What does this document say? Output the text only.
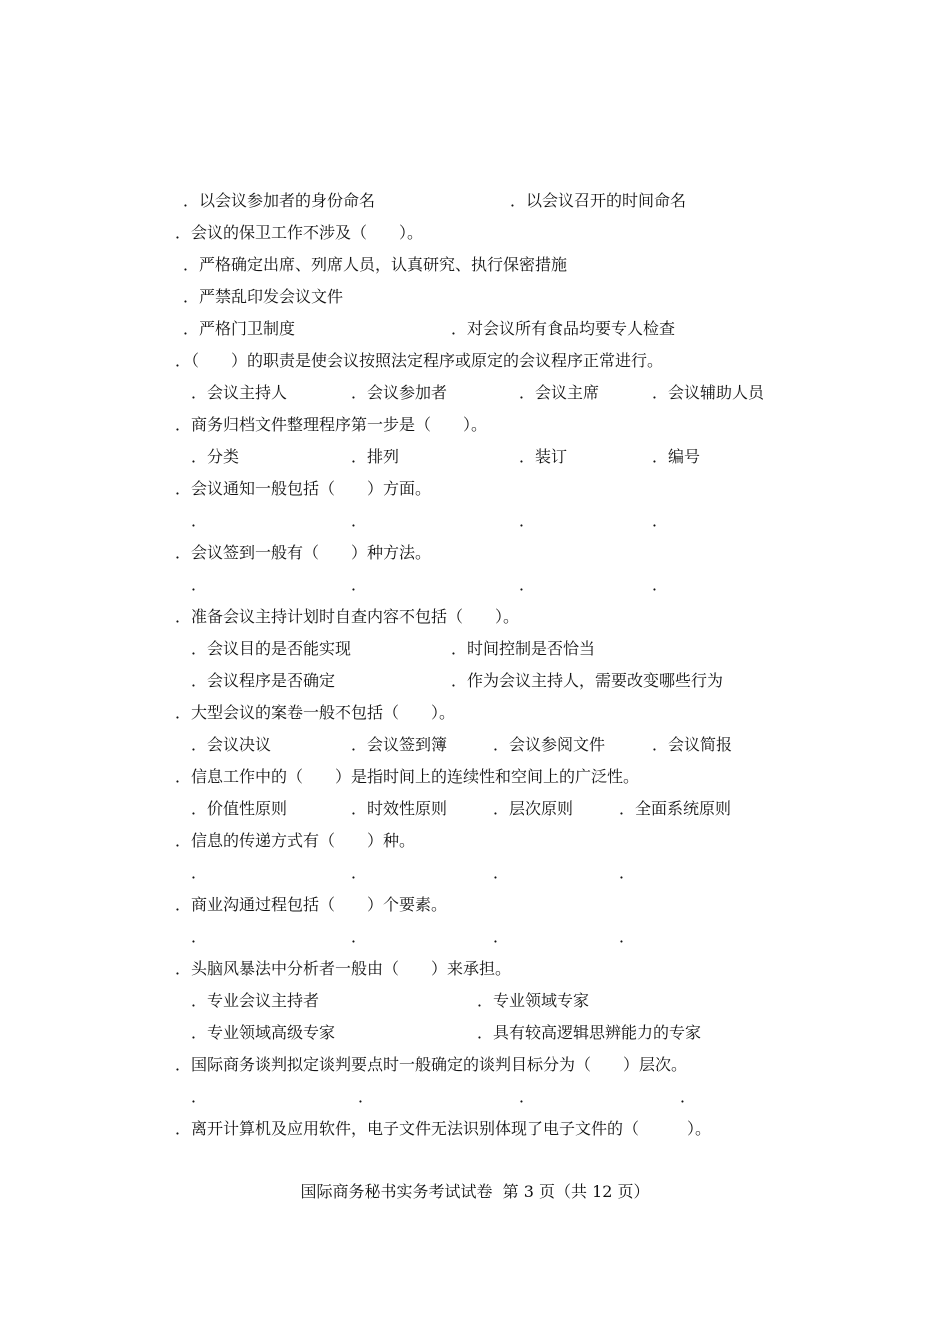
．以会议参加者的身份命名	．以会议召开的时间命名
．会议的保卫工作不涉及（　　）。
．严格确定出席、列席人员，认真研究、执行保密措施
．严禁乱印发会议文件
．严格门卫制度	．对会议所有食品均要专人检查
．（　　）的职责是使会议按照法定程序或原定的会议程序正常进行。
．会议主持人	．会议参加者	．会议主席	．会议辅助人员
．商务归档文件整理程序第一步是（　　）。
．分类	．排列	．装订	．编号
．会议通知一般包括（　　）方面。
．	．	．	．
．会议签到一般有（　　）种方法。
．	．	．	．
．准备会议主持计划时自查内容不包括（　　）。
．会议目的是否能实现	．时间控制是否恰当
．会议程序是否确定	．作为会议主持人，需要改变哪些行为
．大型会议的案卷一般不包括（　　）。
．会议决议	．会议签到簿	．会议参阅文件	．会议简报
．信息工作中的（　　）是指时间上的连续性和空间上的广泛性。
．价值性原则	．时效性原则	．层次原则	．全面系统原则
．信息的传递方式有（　　）种。
．	．	．	．
．商业沟通过程包括（　　）个要素。
．	．	．	．
．头脑风暴法中分析者一般由（　　）来承担。
．专业会议主持者	．专业领域专家
．专业领域高级专家	．具有较高逻辑思辨能力的专家
．国际商务谈判拟定谈判要点时一般确定的谈判目标分为（　　）层次。
．	．	．	．
．离开计算机及应用软件，电子文件无法识别体现了电子文件的（　　　）。
国际商务秘书实务考试试卷  第 3 页（共 12 页）
